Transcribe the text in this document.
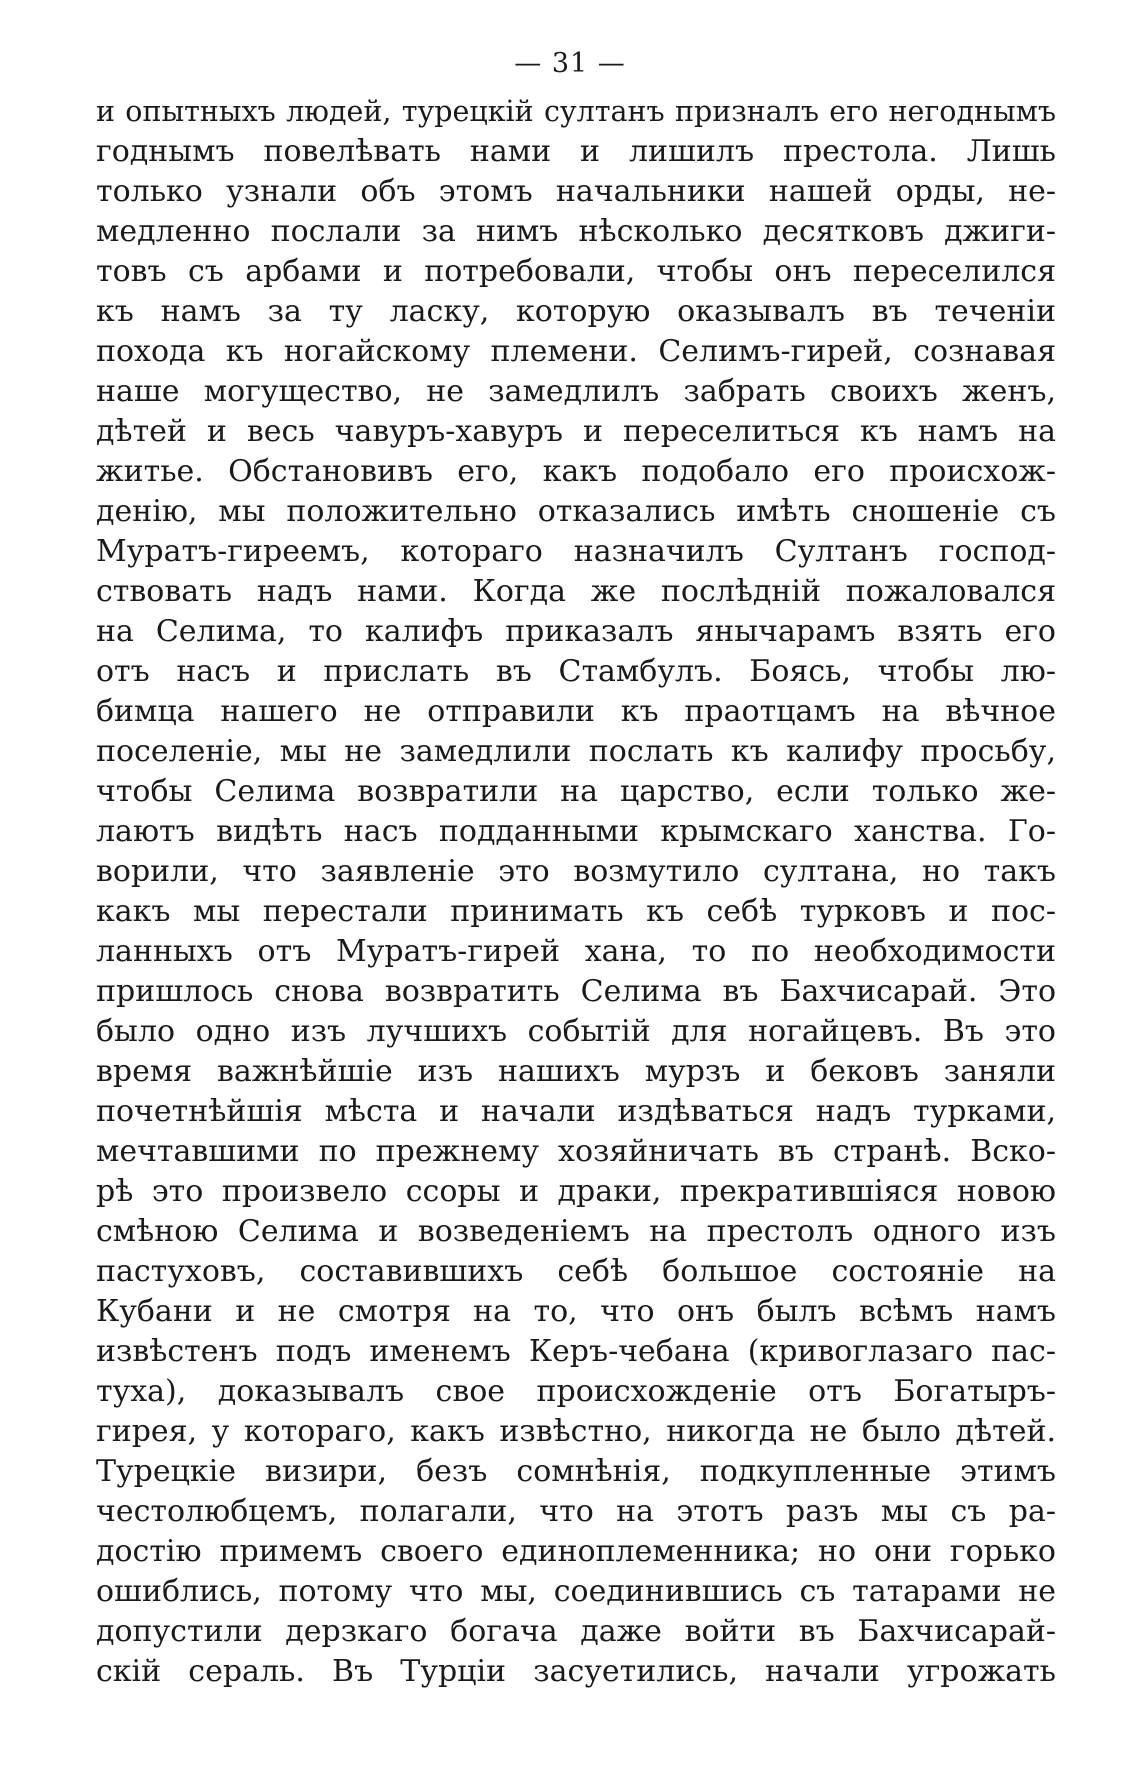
— 31 —
и опытныхъ людей, турецкій султанъ призналъ его негоднымъ
годнымъ повелѣвать нами и лишилъ престола. Лишь
только узнали объ этомъ начальники нашей орды, не-
медленно послали за нимъ нѣсколько десятковъ джиги-
товъ съ арбами и потребовали, чтобы онъ переселился
къ намъ за ту ласку, которую оказывалъ въ теченіи
похода къ ногайскому племени. Селимъ-гирей, сознавая
наше могущество, не замедлилъ забрать своихъ женъ,
дѣтей и весь чавуръ-хавуръ и переселиться къ намъ на
житье. Обстановивъ его, какъ подобало его происхож-
денію, мы положительно отказались имѣть сношеніе съ
Муратъ-гиреемъ, котораго назначилъ Султанъ господ-
ствовать надъ нами. Когда же послѣдній пожаловался
на Селима, то калифъ приказалъ янычарамъ взять его
отъ насъ и прислать въ Стамбулъ. Боясь, чтобы лю-
бимца нашего не отправили къ праотцамъ на вѣчное
поселеніе, мы не замедлили послать къ калифу просьбу,
чтобы Селима возвратили на царство, если только же-
лаютъ видѣть насъ подданными крымскаго ханства. Го-
ворили, что заявленіе это возмутило султана, но такъ
какъ мы перестали принимать къ себѣ турковъ и пос-
ланныхъ отъ Муратъ-гирей хана, то по необходимости
пришлось снова возвратить Селима въ Бахчисарай. Это
было одно изъ лучшихъ событій для ногайцевъ. Въ это
время важнѣйшіе изъ нашихъ мурзъ и бековъ заняли
почетнѣйшія мѣста и начали издѣваться надъ турками,
мечтавшими по прежнему хозяйничать въ странѣ. Вско-
рѣ это произвело ссоры и драки, прекратившіяся новою
смѣною Селима и возведеніемъ на престолъ одного изъ
пастуховъ, составившихъ себѣ большое состояніе на
Кубани и не смотря на то, что онъ былъ всѣмъ намъ
извѣстенъ подъ именемъ Керъ-чебана (кривоглазаго пас-
туха), доказывалъ свое происхожденіе отъ Богатыръ-
гирея, у котораго, какъ извѣстно, никогда не было дѣтей.
Турецкіе визири, безъ сомнѣнія, подкупленные этимъ
честолюбцемъ, полагали, что на этотъ разъ мы съ ра-
достію примемъ своего единоплеменника; но они горько
ошиблись, потому что мы, соединившись съ татарами не
допустили дерзкаго богача даже войти въ Бахчисарай-
скій сераль. Въ Турціи засуетились, начали угрожать
